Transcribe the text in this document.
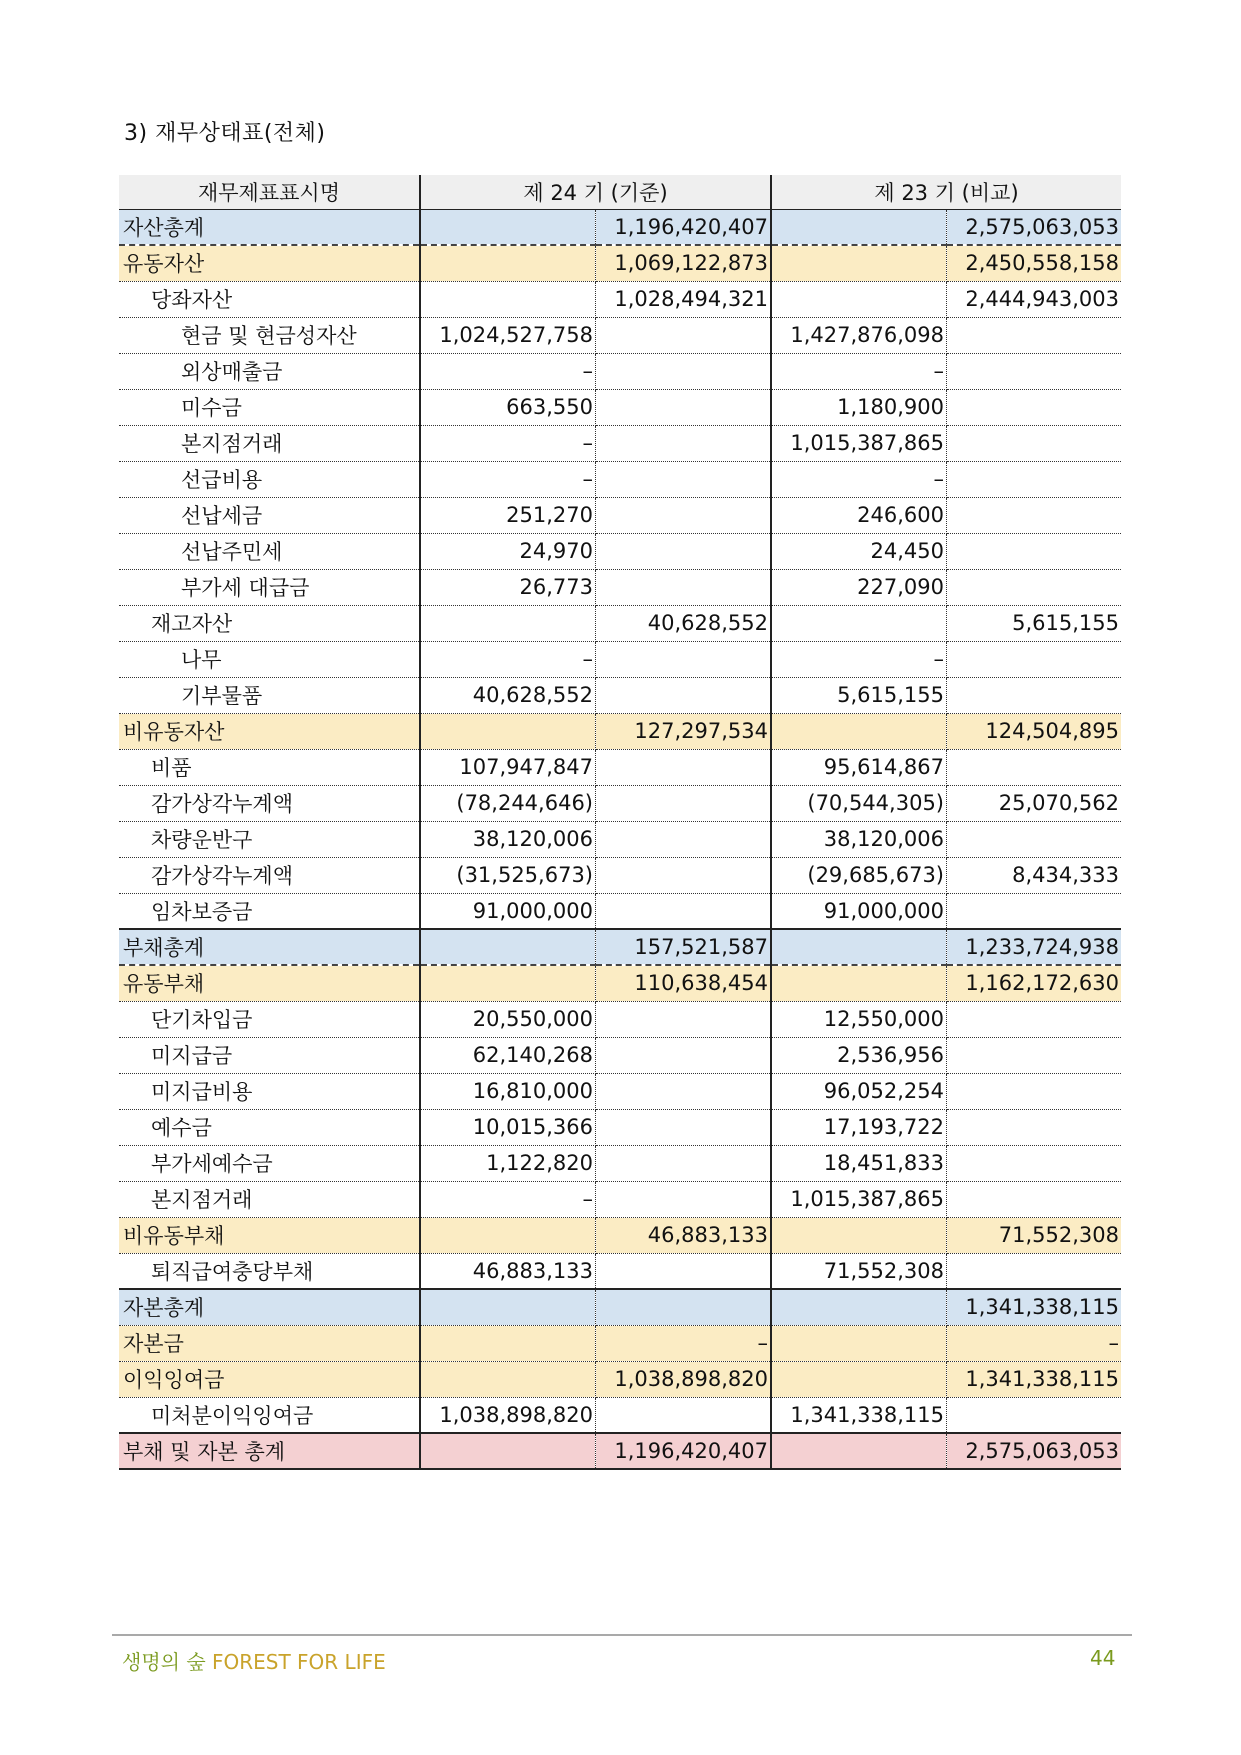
3) 재무상태표(전체)
재무제표표시명	제 24 기 (기준)		제 23 기 (비교)	
자산총계		1,196,420,407		2,575,063,053
유동자산		1,069,122,873		2,450,558,158
당좌자산		1,028,494,321		2,444,943,003
현금 및 현금성자산	1,024,527,758		1,427,876,098	
외상매출금	–		–	
미수금	663,550		1,180,900	
본지점거래	–		1,015,387,865	
선급비용	–		–	
선납세금	251,270		246,600	
선납주민세	24,970		24,450	
부가세 대급금	26,773		227,090	
재고자산		40,628,552		5,615,155
나무	–		–	
기부물품	40,628,552		5,615,155	
비유동자산		127,297,534		124,504,895
비품	107,947,847		95,614,867	
감가상각누계액	(78,244,646)		(70,544,305)	25,070,562
차량운반구	38,120,006		38,120,006	
감가상각누계액	(31,525,673)		(29,685,673)	8,434,333
임차보증금	91,000,000		91,000,000	
부채총계		157,521,587		1,233,724,938
유동부채		110,638,454		1,162,172,630
단기차입금	20,550,000		12,550,000	
미지급금	62,140,268		2,536,956	
미지급비용	16,810,000		96,052,254	
예수금	10,015,366		17,193,722	
부가세예수금	1,122,820		18,451,833	
본지점거래	–		1,015,387,865	
비유동부채		46,883,133		71,552,308
퇴직급여충당부채	46,883,133		71,552,308	
자본총계				1,341,338,115
자본금		–		–
이익잉여금		1,038,898,820		1,341,338,115
미처분이익잉여금	1,038,898,820		1,341,338,115	
부채 및 자본 총계		1,196,420,407		2,575,063,053
생명의 숲 FOREST FOR LIFE	44
